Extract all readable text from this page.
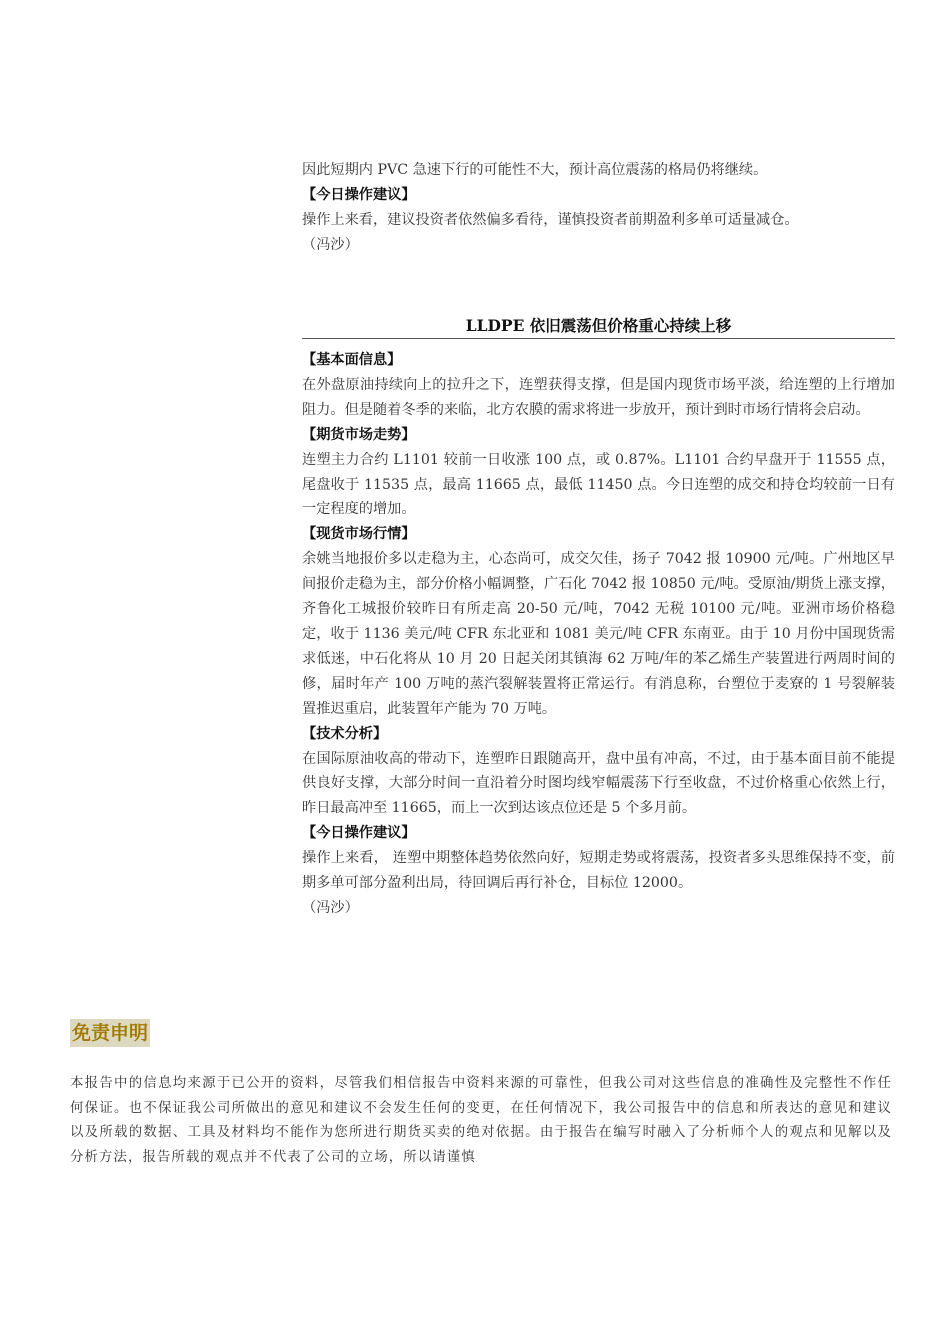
因此短期内 PVC 急速下行的可能性不大，预计高位震荡的格局仍将继续。

【今日操作建议】

操作上来看，建议投资者依然偏多看待，谨慎投资者前期盈利多单可适量减仓。

（冯沙）

LLDPE 依旧震荡但价格重心持续上移

【基本面信息】

在外盘原油持续向上的拉升之下，连塑获得支撑，但是国内现货市场平淡，给连塑的上行增加阻力。但是随着冬季的来临，北方农膜的需求将进一步放开，预计到时市场行情将会启动。

【期货市场走势】

连塑主力合约 L1101 较前一日收涨 100 点，或 0.87%。L1101 合约早盘开于 11555 点，尾盘收于 11535 点，最高 11665 点，最低 11450 点。今日连塑的成交和持仓均较前一日有一定程度的增加。

【现货市场行情】

余姚当地报价多以走稳为主，心态尚可，成交欠佳，扬子 7042 报 10900 元/吨。广州地区早间报价走稳为主，部分价格小幅调整，广石化 7042 报 10850 元/吨。受原油/期货上涨支撑，齐鲁化工城报价较昨日有所走高 20-50 元/吨，7042 无税 10100 元/吨。亚洲市场价格稳定，收于 1136 美元/吨 CFR 东北亚和 1081 美元/吨 CFR 东南亚。由于 10 月份中国现货需求低迷，中石化将从 10 月 20 日起关闭其镇海 62 万吨/年的苯乙烯生产装置进行两周时间的修，届时年产 100 万吨的蒸汽裂解装置将正常运行。有消息称，台塑位于麦寮的 1 号裂解装置推迟重启，此装置年产能为 70 万吨。

【技术分析】

在国际原油收高的带动下，连塑昨日跟随高开，盘中虽有冲高，不过，由于基本面目前不能提供良好支撑，大部分时间一直沿着分时图均线窄幅震荡下行至收盘，不过价格重心依然上行，昨日最高冲至 11665，而上一次到达该点位还是 5 个多月前。

【今日操作建议】

操作上来看， 连塑中期整体趋势依然向好，短期走势或将震荡，投资者多头思维保持不变，前期多单可部分盈利出局，待回调后再行补仓，目标位 12000。

（冯沙）

免责申明

本报告中的信息均来源于已公开的资料，尽管我们相信报告中资料来源的可靠性，但我公司对这些信息的准确性及完整性不作任何保证。也不保证我公司所做出的意见和建议不会发生任何的变更，在任何情况下，我公司报告中的信息和所表达的意见和建议以及所载的数据、工具及材料均不能作为您所进行期货买卖的绝对依据。由于报告在编写时融入了分析师个人的观点和见解以及分析方法，报告所载的观点并不代表了公司的立场，所以请谨慎
